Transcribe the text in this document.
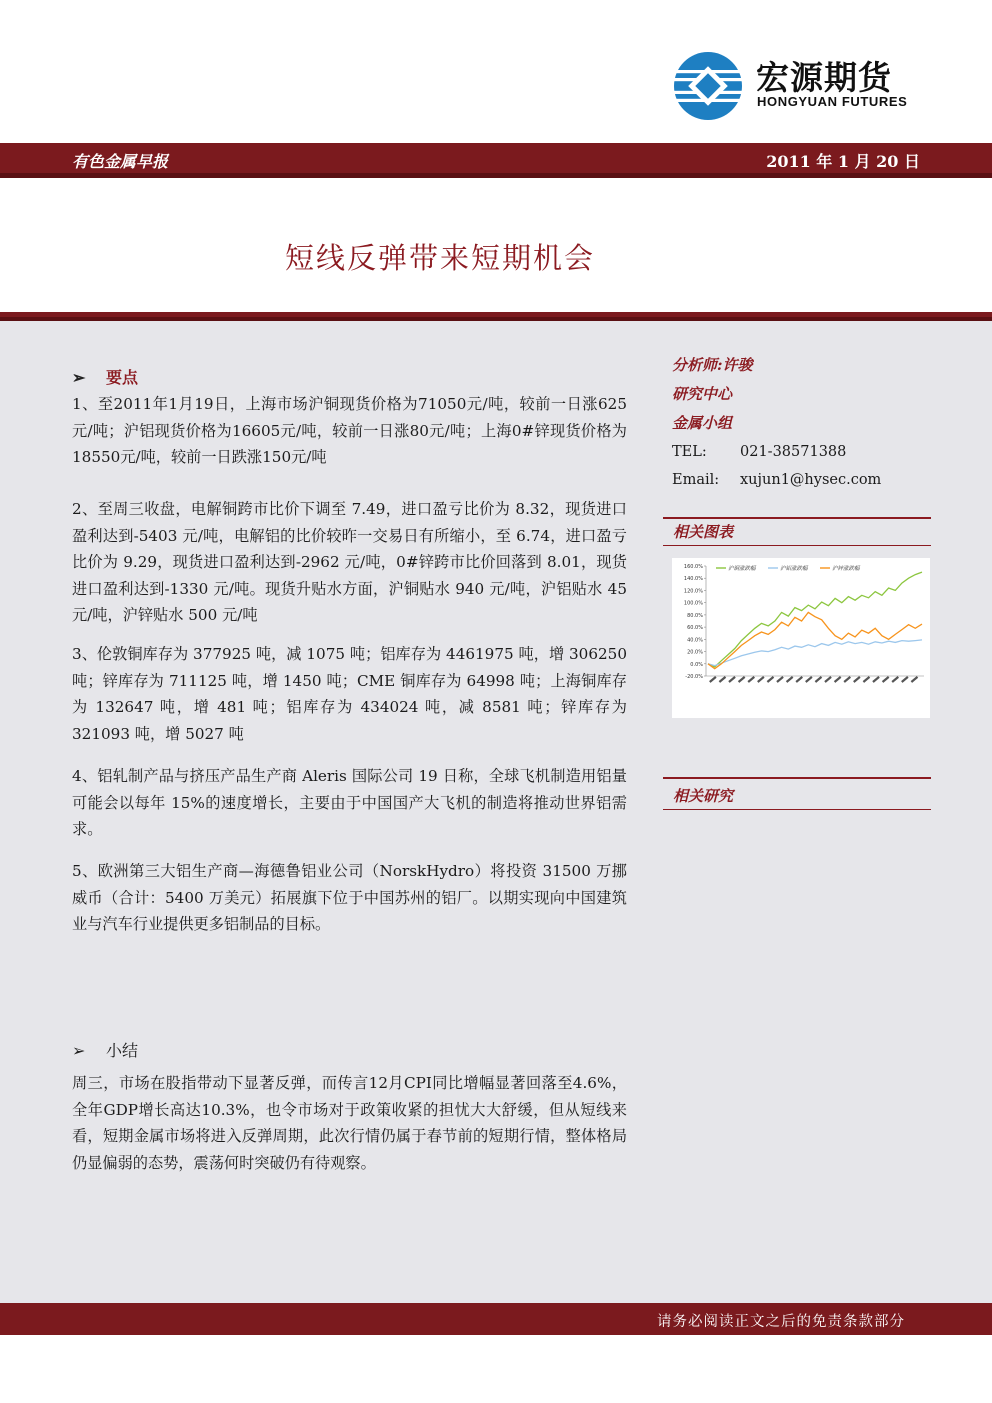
宏源期货
HONGYUAN FUTURES
有色金属早报	2011 年 1 月 20 日
短线反弹带来短期机会
➢ 要点

1、至2011年1月19日，上海市场沪铜现货价格为71050元/吨，较前一日涨625元/吨；沪铝现货价格为16605元/吨，较前一日涨80元/吨；上海0#锌现货价格为18550元/吨，较前一日跌涨150元/吨

2、至周三收盘，电解铜跨市比价下调至 7.49，进口盈亏比价为 8.32，现货进口盈利达到-5403 元/吨，电解铝的比价较昨一交易日有所缩小，至 6.74，进口盈亏比价为 9.29，现货进口盈利达到-2962 元/吨，0#锌跨市比价回落到 8.01，现货进口盈利达到-1330 元/吨。现货升贴水方面，沪铜贴水 940 元/吨，沪铝贴水 45 元/吨，沪锌贴水 500 元/吨

3、伦敦铜库存为 377925 吨，减 1075 吨；铝库存为 4461975 吨，增 306250吨；锌库存为 711125 吨，增 1450 吨；CME 铜库存为 64998 吨；上海铜库存为 132647 吨，增 481 吨；铝库存为 434024 吨，减 8581 吨；锌库存为321093 吨，增 5027 吨

4、铝轧制产品与挤压产品生产商 Aleris 国际公司 19 日称，全球飞机制造用铝量可能会以每年 15%的速度增长，主要由于中国国产大飞机的制造将推动世界铝需求。

5、欧洲第三大铝生产商—海德鲁铝业公司（NorskHydro）将投资 31500 万挪威币（合计：5400 万美元）拓展旗下位于中国苏州的铝厂。以期实现向中国建筑业与汽车行业提供更多铝制品的目标。

➢ 小结

周三，市场在股指带动下显著反弹，而传言12月CPI同比增幅显著回落至4.6%，全年GDP增长高达10.3%，也令市场对于政策收紧的担忧大大舒缓，但从短线来看，短期金属市场将进入反弹周期，此次行情仍属于春节前的短期行情，整体格局仍显偏弱的态势，震荡何时突破仍有待观察。

分析师:许骏
研究中心
金属小组
TEL: 021-38571388
Email: xujun1@hysec.com
相关图表
160.0%
140.0%
120.0%
100.0%
80.0%
60.0%
40.0%
20.0%
0.0%
-20.0%
沪铜涨跌幅	沪铝涨跌幅	沪锌涨跌幅
相关研究
请务必阅读正文之后的免责条款部分
